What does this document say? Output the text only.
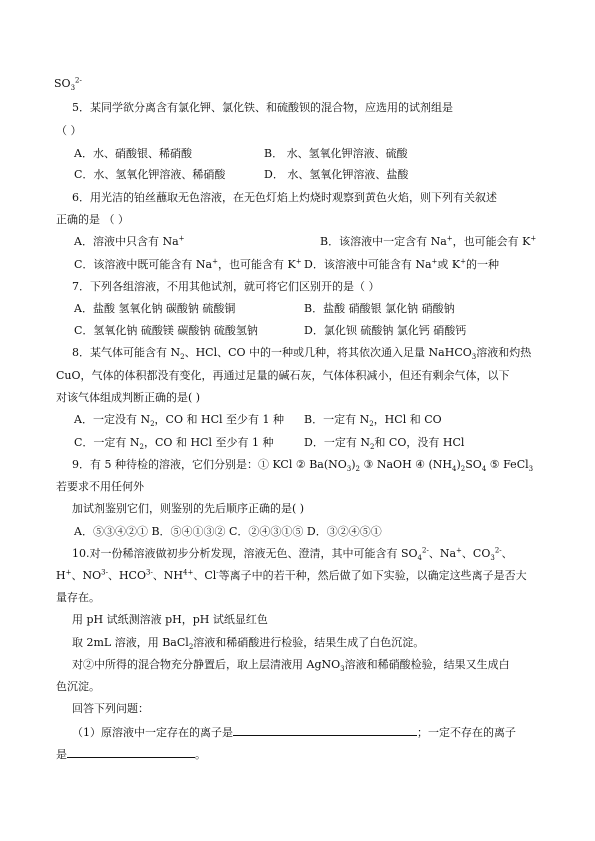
$SO_3^{2-}$
5．某同学欲分离含有氯化钾、氯化铁、和硫酸钡的混合物，应选用的试剂组是
（ ）
A．水、硝酸银、稀硝酸	B． 水、氢氧化钾溶液、硫酸
C．水、氢氧化钾溶液、稀硝酸	D． 水、氢氧化钾溶液、盐酸
6．用光洁的铂丝蘸取无色溶液，在无色灯焰上灼烧时观察到黄色火焰，则下列有关叙述
正确的是 （ ）
A．溶液中只含有 Na+	B．该溶液中一定含有 Na+，也可能会有 K+
C．该溶液中既可能含有 Na+，也可能含有 K+ D．该溶液中可能含有 Na+或 K+的一种
7．下列各组溶液，不用其他试剂，就可将它们区别开的是（ ）
A．盐酸 氢氧化钠 碳酸钠 硫酸铜	B．盐酸 硝酸银 氯化钠 硝酸钠
C．氢氧化钠 硫酸镁 碳酸钠 硫酸氢钠	D．氯化钡 硫酸钠 氯化钙 硝酸钙
8．某气体可能含有 $N_2$、HCl、CO 中的一种或几种，将其依次通入足量 NaHCO$_3$溶液和灼热
CuO，气体的体积都没有变化，再通过足量的碱石灰，气体体积减小，但还有剩余气体，以下
对该气体组成判断正确的是( )
A．一定没有 $N_2$，CO 和 HCl 至少有 1 种 B．一定有 $N_2$，HCl 和 CO
C．一定有 $N_2$，CO 和 HCl 至少有 1 种	D．一定有 $N_2$和 CO，没有 HCl
9．有 5 种待检的溶液，它们分别是：① KCl ② $Ba(NO_3)_2$ ③ NaOH ④ $(NH_4)_2SO_4$ ⑤ FeCl$_3$
若要求不用任何外
加试剂鉴别它们，则鉴别的先后顺序正确的是( )
A．⑤③④②① B．⑤④①③② C．②④③①⑤ D．③②④⑤①
10.对一份稀溶液做初步分析发现，溶液无色、澄清，其中可能含有 $SO_4^{2-}$、Na+、$CO_3^{2-}$、
H+、$NO^{3-}$、$HCO^{3-}$、$NH^{4+}$、Cl-等离子中的若干种，然后做了如下实验，以确定这些离子是否大
量存在。
用 pH 试纸测溶液 pH，pH 试纸显红色
取 2mL 溶液，用 BaCl$_2$溶液和稀硝酸进行检验，结果生成了白色沉淀。
对②中所得的混合物充分静置后，取上层清液用 AgNO$_3$溶液和稀硝酸检验，结果又生成白
色沉淀。
回答下列问题：
（1）原溶液中一定存在的离子是	；一定不存在的离子
是	。
